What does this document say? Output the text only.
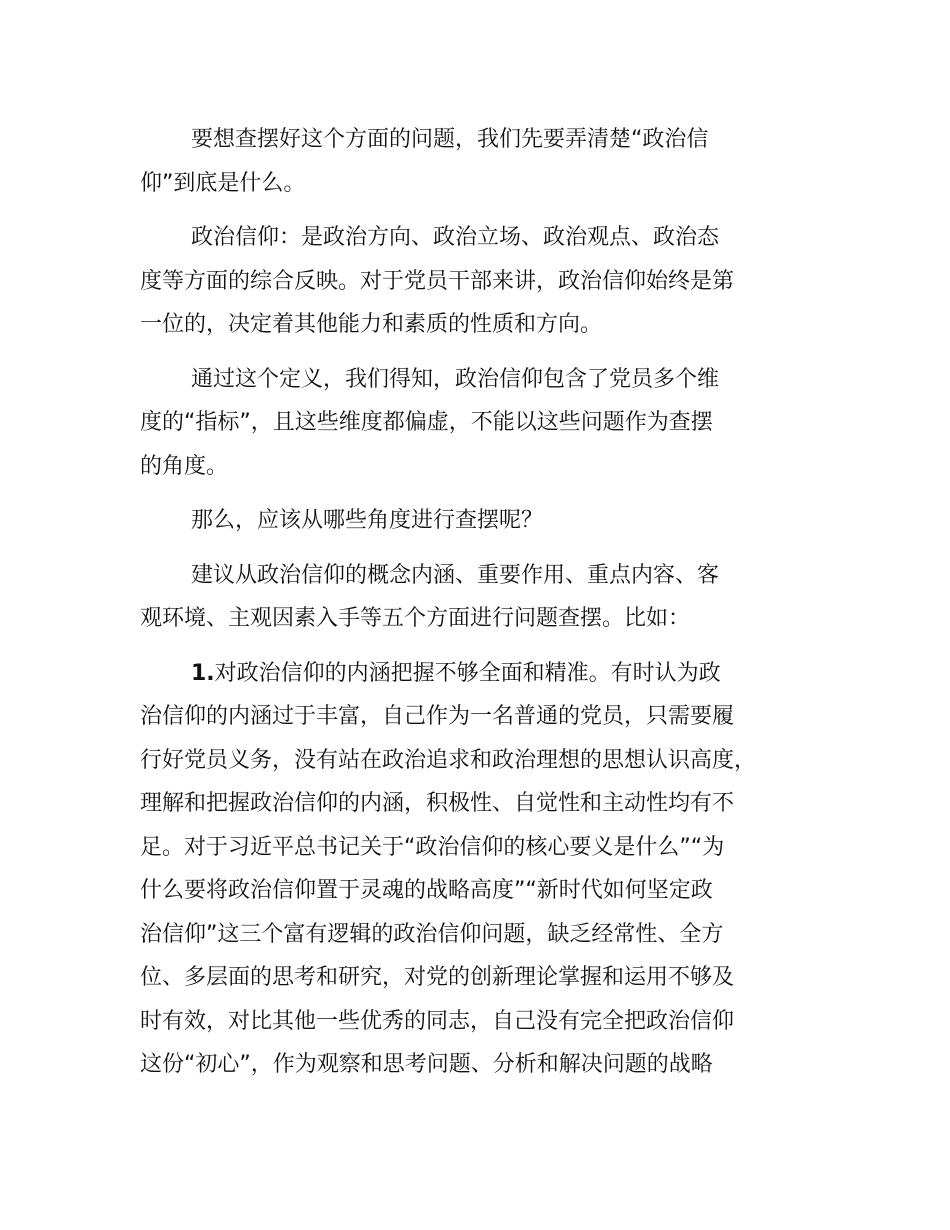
要想查摆好这个方面的问题，我们先要弄清楚“政治信
仰”到底是什么。
政治信仰：是政治方向、政治立场、政治观点、政治态
度等方面的综合反映。对于党员干部来讲，政治信仰始终是第
一位的，决定着其他能力和素质的性质和方向。
通过这个定义，我们得知，政治信仰包含了党员多个维
度的“指标”，且这些维度都偏虚，不能以这些问题作为查摆
的角度。
那么，应该从哪些角度进行查摆呢？
建议从政治信仰的概念内涵、重要作用、重点内容、客
观环境、主观因素入手等五个方面进行问题查摆。比如：
1.对政治信仰的内涵把握不够全面和精准。有时认为政
治信仰的内涵过于丰富，自己作为一名普通的党员，只需要履
行好党员义务，没有站在政治追求和政治理想的思想认识高度，
理解和把握政治信仰的内涵，积极性、自觉性和主动性均有不
足。对于习近平总书记关于“政治信仰的核心要义是什么”“为
什么要将政治信仰置于灵魂的战略高度”“新时代如何坚定政
治信仰”这三个富有逻辑的政治信仰问题，缺乏经常性、全方
位、多层面的思考和研究，对党的创新理论掌握和运用不够及
时有效，对比其他一些优秀的同志，自己没有完全把政治信仰
这份“初心”，作为观察和思考问题、分析和解决问题的战略
